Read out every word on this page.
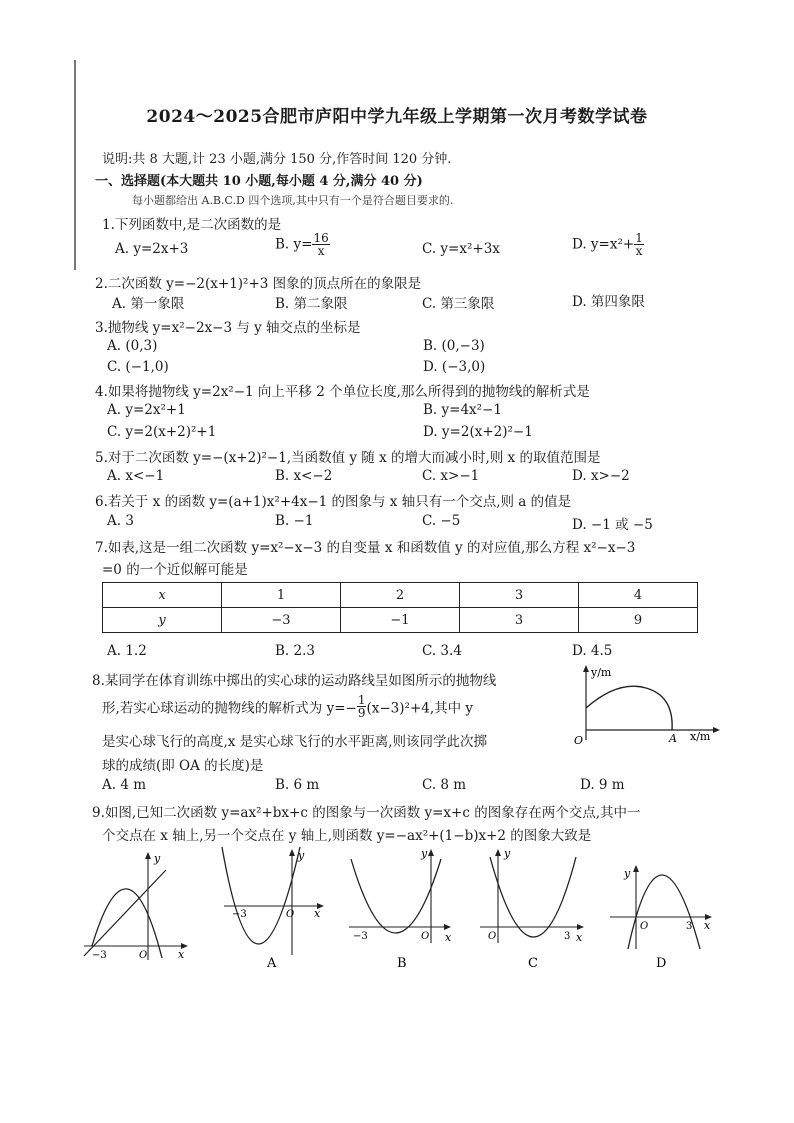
2024～2025合肥市庐阳中学九年级上学期第一次月考数学试卷
说明:共 8 大题,计 23 小题,满分 150 分,作答时间 120 分钟.
一、选择题(本大题共 10 小题,每小题 4 分,满分 40 分)
每小题都给出 A.B.C.D 四个选项,其中只有一个是符合题目要求的.
1.下列函数中,是二次函数的是
A. y=2x+3	B. $y= \frac{16}{x}$	C. y=x²+3x	D. $y=x^2+ \frac{1}{x}$
2.二次函数 y=−2(x+1)²+3 图象的顶点所在的象限是
A. 第一象限	B. 第二象限	C. 第三象限	D. 第四象限
3.抛物线 y=x²−2x−3 与 y 轴交点的坐标是
A. (0,3)	B. (0,−3)
C. (−1,0)	D. (−3,0)
4.如果将抛物线 y=2x²−1 向上平移 2 个单位长度,那么所得到的抛物线的解析式是
A. y=2x²+1	B. y=4x²−1
C. y=2(x+2)²+1	D. y=2(x+2)²−1
5.对于二次函数 y=−(x+2)²−1,当函数值 y 随 x 的增大而减小时,则 x 的取值范围是
A. x<−1	B. x<−2	C. x>−1	D. x>−2
6.若关于 x 的函数 y=(a+1)x²+4x−1 的图象与 x 轴只有一个交点,则 a 的值是
A. 3	B. −1	C. −5	D. −1 或 −5
7.如表,这是一组二次函数 y=x²−x−3 的自变量 x 和函数值 y 的对应值,那么方程 x²−x−3
=0 的一个近似解可能是
x	1	2	3	4
y	−3	−1	3	9
A. 1.2	B. 2.3	C. 3.4	D. 4.5
8.某同学在体育训练中掷出的实心球的运动路线呈如图所示的抛物线
形,若实心球运动的抛物线的解析式为 $y=- \frac{1}{9} (x-3)^2+4$,其中 y
是实心球飞行的高度,x 是实心球飞行的水平距离,则该同学此次掷
球的成绩(即 OA 的长度)是
y/m
x/m
O	A
A. 4 m	B. 6 m	C. 8 m	D. 9 m
9.如图,已知二次函数 y=ax²+bx+c 的图象与一次函数 y=x+c 的图象存在两个交点,其中一
个交点在 x 轴上,另一个交点在 y 轴上,则函数 y=−ax²+(1−b)x+2 的图象大致是
y
x
O
−3
y
x
O
−3
A
y
x
O
−3
B
y
x
O	3
C
y
x
O	3
D
